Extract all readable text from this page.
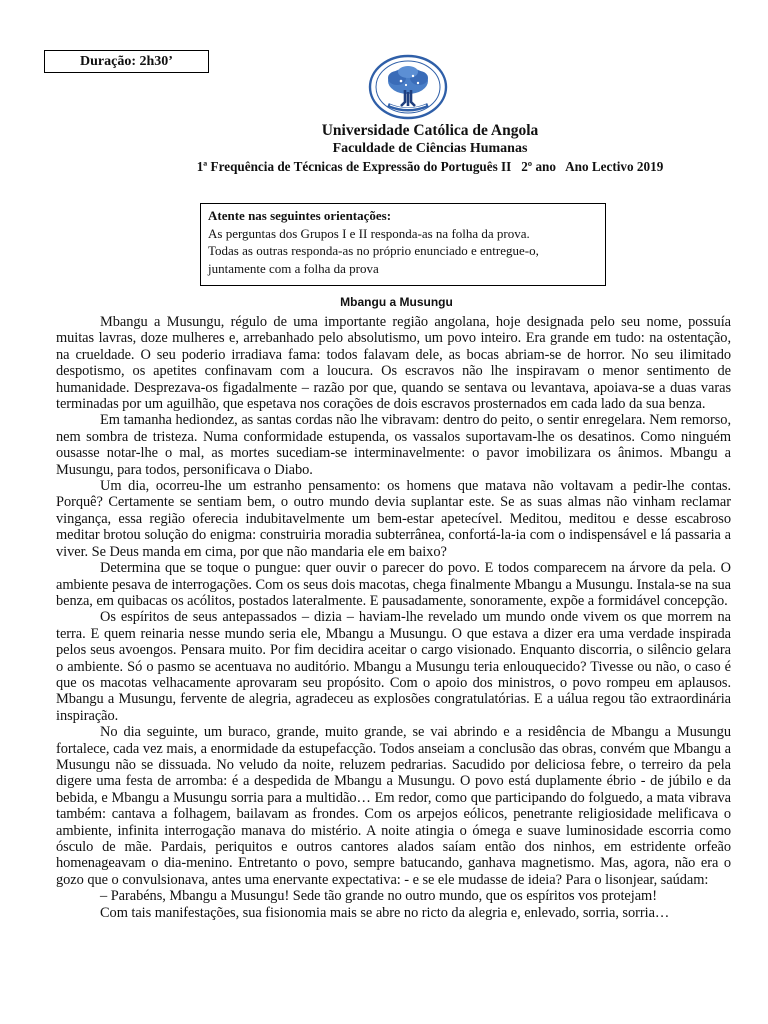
Duração: 2h30’
Universidade Católica de Angola
Faculdade de Ciências Humanas
1ª Frequência de Técnicas de Expressão do Português II   2º ano   Ano Lectivo 2019
Atente nas seguintes orientações:
As perguntas dos Grupos I e II responda-as na folha da prova.
Todas as outras responda-as no próprio enunciado e entregue-o,
juntamente com a folha da prova
Mbangu a Musungu

Mbangu a Musungu, régulo de uma importante região angolana, hoje designada pelo seu nome, possuía muitas lavras, doze mulheres e, arrebanhado pelo absolutismo, um povo inteiro. Era grande em tudo: na ostentação, na crueldade. O seu poderio irradiava fama: todos falavam dele, as bocas abriam-se de horror. No seu ilimitado despotismo, os apetites confinavam com a loucura. Os escravos não lhe inspiravam o menor sentimento de humanidade. Desprezava-os figadalmente – razão por que, quando se sentava ou levantava, apoiava-se a duas varas terminadas por um aguilhão, que espetava nos corações de dois escravos prosternados em cada lado da sua benza.

Em tamanha hediondez, as santas cordas não lhe vibravam: dentro do peito, o sentir enregelara. Nem remorso, nem sombra de tristeza. Numa conformidade estupenda, os vassalos suportavam-lhe os desatinos. Como ninguém ousasse notar-lhe o mal, as mortes sucediam-se interminavelmente: o pavor imobilizara os ânimos. Mbangu a Musungu, para todos, personificava o Diabo.

Um dia, ocorreu-lhe um estranho pensamento: os homens que matava não voltavam a pedir-lhe contas. Porquê? Certamente se sentiam bem, o outro mundo devia suplantar este. Se as suas almas não vinham reclamar vingança, essa região oferecia indubitavelmente um bem-estar apetecível. Meditou, meditou e desse escabroso meditar brotou solução do enigma: construiria moradia subterrânea, confortá-la-ia com o indispensável e lá passaria a viver. Se Deus manda em cima, por que não mandaria ele em baixo?

Determina que se toque o pungue: quer ouvir o parecer do povo. E todos comparecem na árvore da pela. O ambiente pesava de interrogações. Com os seus dois macotas, chega finalmente Mbangu a Musungu. Instala-se na sua benza, em quibacas os acólitos, postados lateralmente. E pausadamente, sonoramente, expõe a formidável concepção.

Os espíritos de seus antepassados – dizia – haviam-lhe revelado um mundo onde vivem os que morrem na terra. E quem reinaria nesse mundo seria ele, Mbangu a Musungu. O que estava a dizer era uma verdade inspirada pelos seus avoengos. Pensara muito. Por fim decidira aceitar o cargo visionado. Enquanto discorria, o silêncio gelara o ambiente. Só o pasmo se acentuava no auditório. Mbangu a Musungu teria enlouquecido? Tivesse ou não, o caso é que os macotas velhacamente aprovaram seu propósito. Com o apoio dos ministros, o povo rompeu em aplausos. Mbangu a Musungu, fervente de alegria, agradeceu as explosões congratulatórias. E a uálua regou tão extraordinária inspiração.

No dia seguinte, um buraco, grande, muito grande, se vai abrindo e a residência de Mbangu a Musungu fortalece, cada vez mais, a enormidade da estupefacção. Todos anseiam a conclusão das obras, convém que Mbangu a Musungu não se dissuada. No veludo da noite, reluzem pedrarias. Sacudido por deliciosa febre, o terreiro da pela digere uma festa de arromba: é a despedida de Mbangu a Musungu. O povo está duplamente ébrio - de júbilo e da bebida, e Mbangu a Musungu sorria para a multidão… Em redor, como que participando do folguedo, a mata vibrava também: cantava a folhagem, bailavam as frondes. Com os arpejos eólicos, penetrante religiosidade melificava o ambiente, infinita interrogação manava do mistério. A noite atingia o ómega e suave luminosidade escorria como ósculo de mãe. Pardais, periquitos e outros cantores alados saíam então dos ninhos, em estridente orfeão homenageavam o dia-menino. Entretanto o povo, sempre batucando, ganhava magnetismo. Mas, agora, não era o gozo que o convulsionava, antes uma enervante expectativa: - e se ele mudasse de ideia? Para o lisonjear, saúdam:

– Parabéns, Mbangu a Musungu! Sede tão grande no outro mundo, que os espíritos vos protejam!

Com tais manifestações, sua fisionomia mais se abre no ricto da alegria e, enlevado, sorria, sorria…
